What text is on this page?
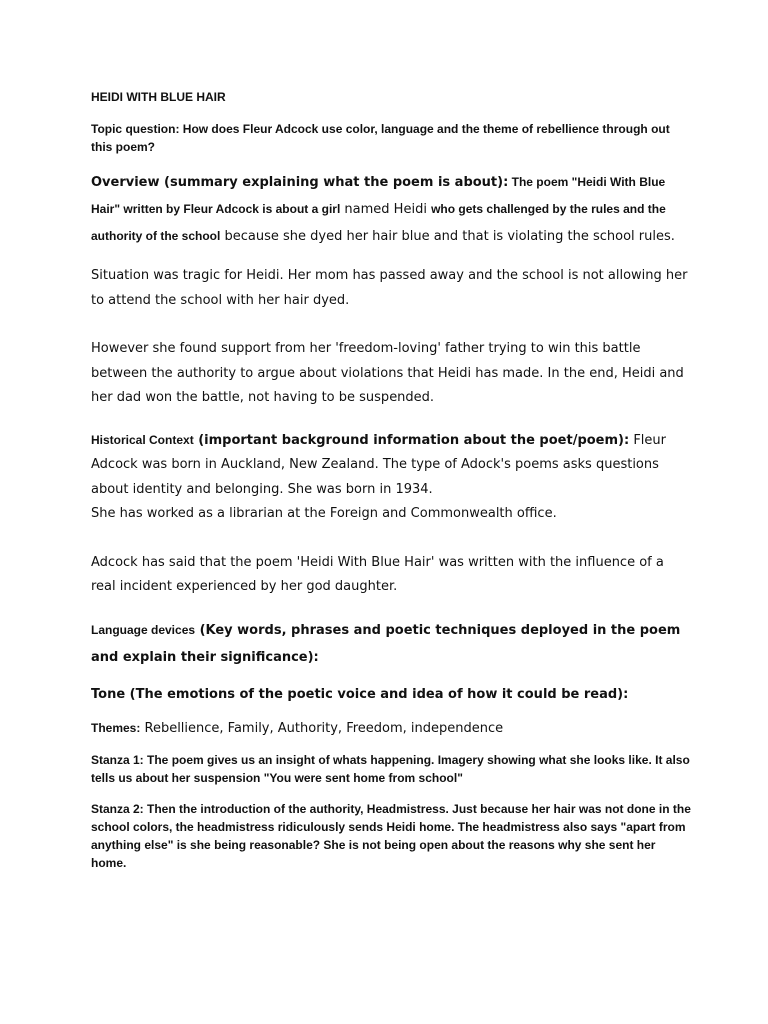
HEIDI WITH BLUE HAIR

Topic question: How does Fleur Adcock use color, language and the theme of rebellience through out this poem?

Overview (summary explaining what the poem is about): The poem "Heidi With Blue Hair" written by Fleur Adcock is about a girl named Heidi who gets challenged by the rules and the authority of the school because she dyed her hair blue and that is violating the school rules.

Situation was tragic for Heidi. Her mom has passed away and the school is not allowing her to attend the school with her hair dyed.

However she found support from her 'freedom-loving' father trying to win this battle between the authority to argue about violations that Heidi has made. In the end, Heidi and her dad won the battle, not having to be suspended.

Historical Context (important background information about the poet/poem): Fleur Adcock was born in Auckland, New Zealand. The type of Adock's poems asks questions about identity and belonging. She was born in 1934.
She has worked as a librarian at the Foreign and Commonwealth office.

Adcock has said that the poem 'Heidi With Blue Hair' was written with the influence of a real incident experienced by her god daughter.

Language devices (Key words, phrases and poetic techniques deployed in the poem and explain their significance):

Tone (The emotions of the poetic voice and idea of how it could be read):

Themes: Rebellience, Family, Authority, Freedom, independence

Stanza 1: The poem gives us an insight of whats happening. Imagery showing what she looks like. It also tells us about her suspension "You were sent home from school"

Stanza 2: Then the introduction of the authority, Headmistress. Just because her hair was not done in the school colors, the headmistress ridiculously sends Heidi home. The headmistress also says "apart from anything else" is she being reasonable? She is not being open about the reasons why she sent her home.
